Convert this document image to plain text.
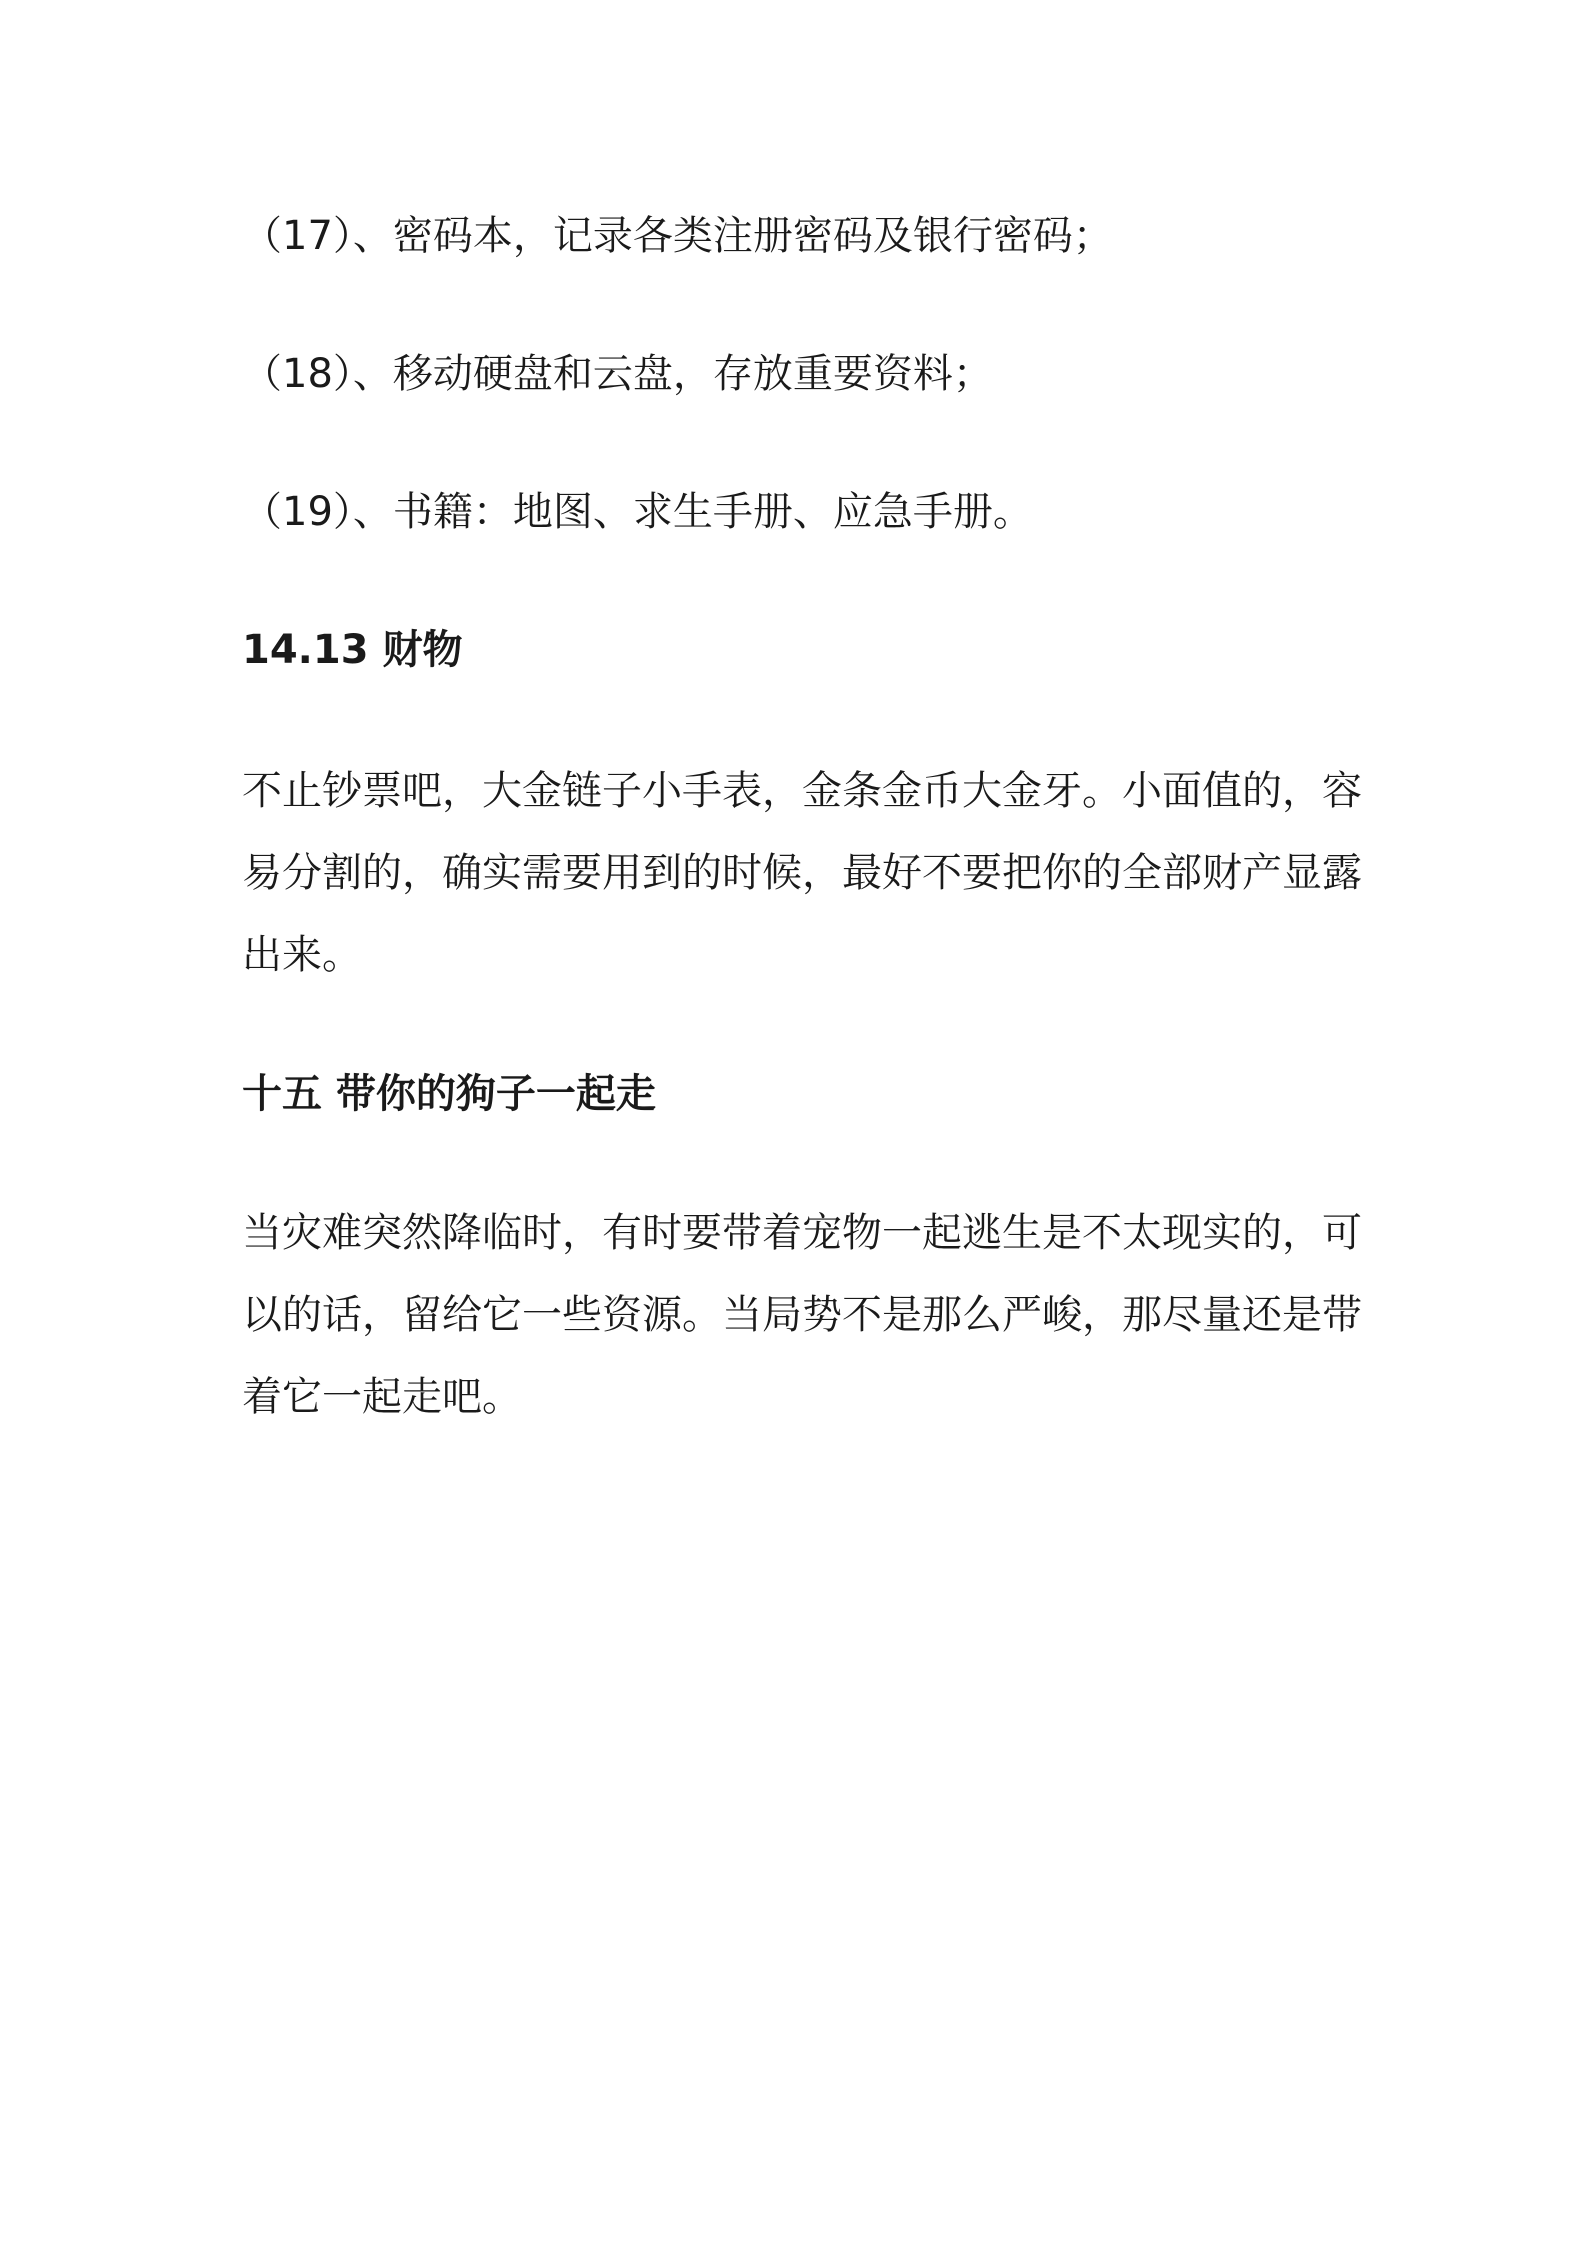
（17）、密码本，记录各类注册密码及银行密码；
（18）、移动硬盘和云盘，存放重要资料；
（19）、书籍：地图、求生手册、应急手册。
14.13 财物
不止钞票吧，大金链子小手表，金条金币大金牙。小面值的，容
易分割的，确实需要用到的时候，最好不要把你的全部财产显露
出来。
十五 带你的狗子一起走
当灾难突然降临时，有时要带着宠物一起逃生是不太现实的，可
以的话，留给它一些资源。当局势不是那么严峻，那尽量还是带
着它一起走吧。
